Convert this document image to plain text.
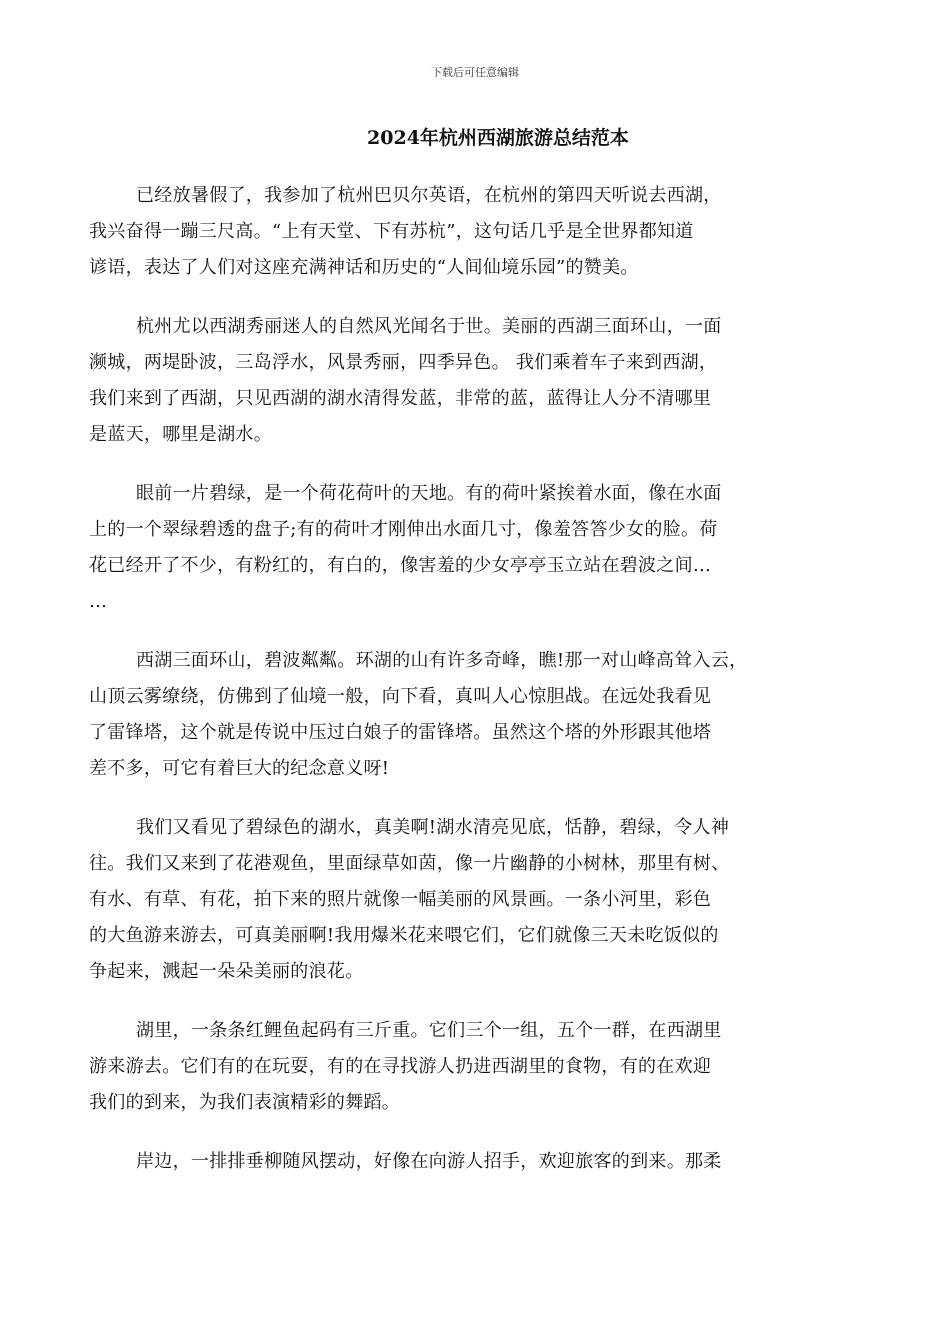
下载后可任意编辑
2024年杭州西湖旅游总结范本

已经放暑假了，我参加了杭州巴贝尔英语，在杭州的第四天听说去西湖，
我兴奋得一蹦三尺高。“上有天堂、下有苏杭”，这句话几乎是全世界都知道
谚语，表达了人们对这座充满神话和历史的“人间仙境乐园”的赞美。

杭州尤以西湖秀丽迷人的自然风光闻名于世。美丽的西湖三面环山，一面
濒城，两堤卧波，三岛浮水，风景秀丽，四季异色。 我们乘着车子来到西湖，
我们来到了西湖，只见西湖的湖水清得发蓝，非常的蓝，蓝得让人分不清哪里
是蓝天，哪里是湖水。

眼前一片碧绿，是一个荷花荷叶的天地。有的荷叶紧挨着水面，像在水面
上的一个翠绿碧透的盘子;有的荷叶才刚伸出水面几寸，像羞答答少女的脸。荷
花已经开了不少，有粉红的，有白的，像害羞的少女亭亭玉立站在碧波之间…
…

西湖三面环山，碧波粼粼。环湖的山有许多奇峰，瞧!那一对山峰高耸入云，
山顶云雾缭绕，仿佛到了仙境一般，向下看，真叫人心惊胆战。在远处我看见
了雷锋塔，这个就是传说中压过白娘子的雷锋塔。虽然这个塔的外形跟其他塔
差不多，可它有着巨大的纪念意义呀!

我们又看见了碧绿色的湖水，真美啊!湖水清亮见底，恬静，碧绿，令人神
往。我们又来到了花港观鱼，里面绿草如茵，像一片幽静的小树林，那里有树、
有水、有草、有花，拍下来的照片就像一幅美丽的风景画。一条小河里，彩色
的大鱼游来游去，可真美丽啊!我用爆米花来喂它们，它们就像三天未吃饭似的
争起来，溅起一朵朵美丽的浪花。

湖里，一条条红鲤鱼起码有三斤重。它们三个一组，五个一群，在西湖里
游来游去。它们有的在玩耍，有的在寻找游人扔进西湖里的食物，有的在欢迎
我们的到来，为我们表演精彩的舞蹈。

岸边，一排排垂柳随风摆动，好像在向游人招手，欢迎旅客的到来。那柔
